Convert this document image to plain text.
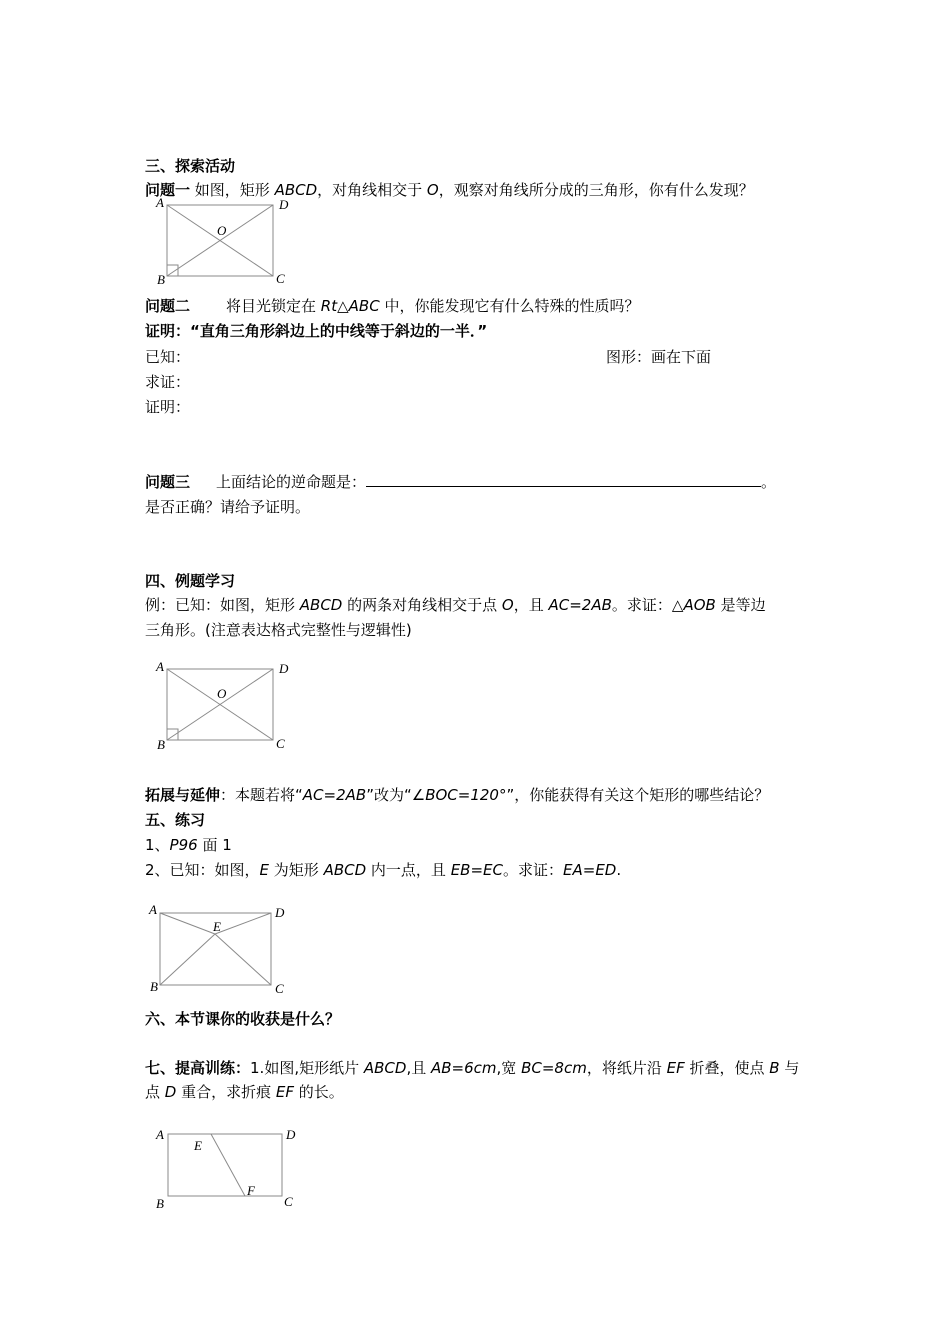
三、探索活动
问题一 如图，矩形 ABCD，对角线相交于 O，观察对角线所分成的三角形，你有什么发现？
A	D
O
B	C
问题二 将目光锁定在 Rt△ABC 中，你能发现它有什么特殊的性质吗？
证明：“直角三角形斜边上的中线等于斜边的一半．”
已知：	图形：画在下面
求证：
证明：
问题三 上面结论的逆命题是：	。
是否正确？请给予证明。
四、例题学习
例：已知：如图，矩形 ABCD 的两条对角线相交于点 O，且 AC=2AB。求证：△AOB 是等边
三角形。(注意表达格式完整性与逻辑性)
A	D
O
B	C
拓展与延伸：本题若将“AC=2AB”改为“∠BOC=120°”，你能获得有关这个矩形的哪些结论？
五、练习
1、P96 面 1
2、已知：如图，E 为矩形 ABCD 内一点，且 EB=EC。求证：EA=ED.
A	D
E
B	C
六、本节课你的收获是什么？
七、提高训练：1.如图,矩形纸片 ABCD,且 AB=6cm,宽 BC=8cm，将纸片沿 EF 折叠，使点 B 与
点 D 重合，求折痕 EF 的长。
A	D
E
F
B	C
